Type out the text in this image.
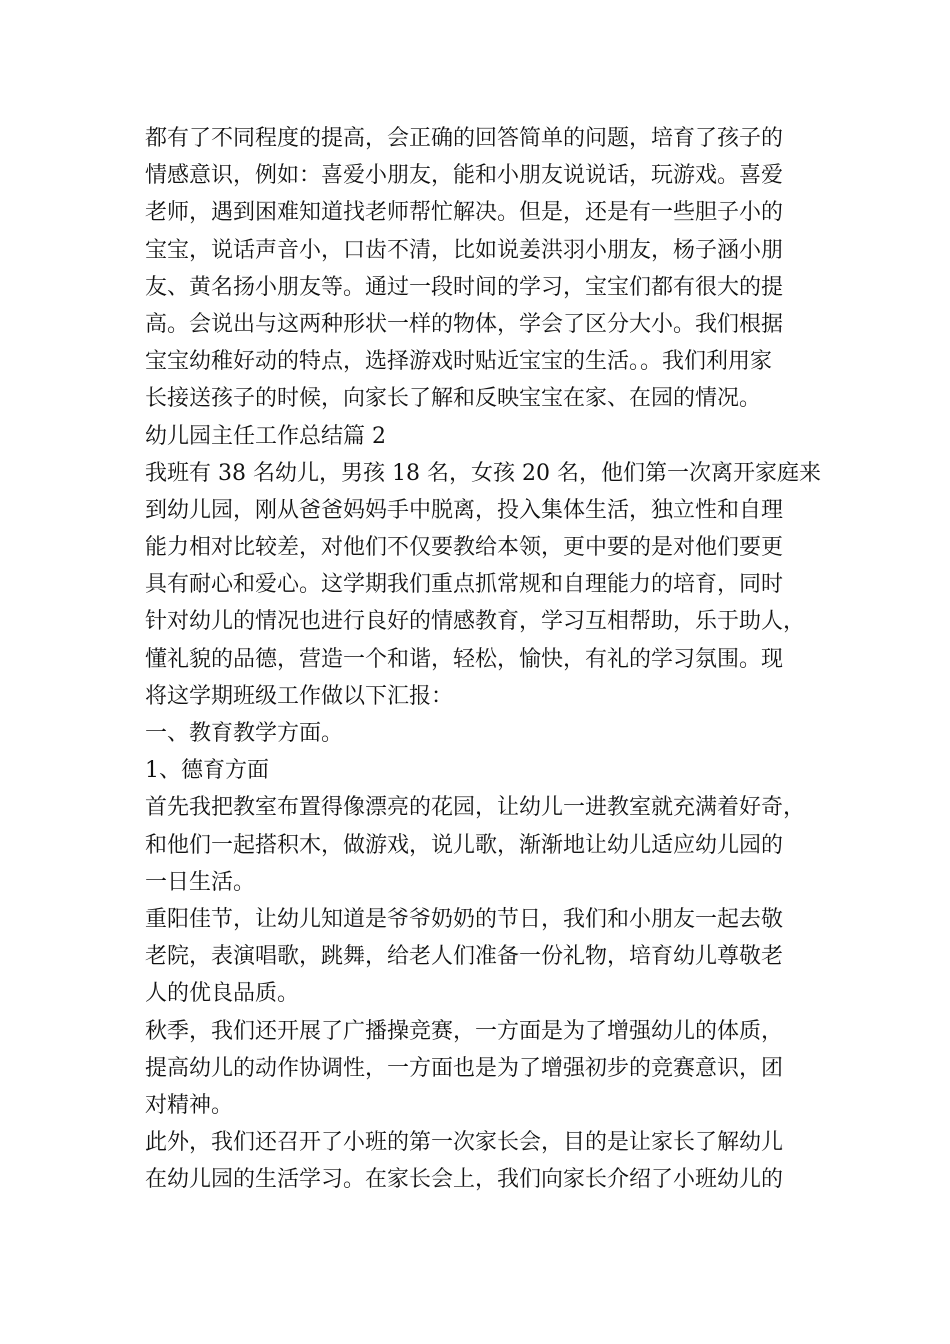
都有了不同程度的提高，会正确的回答简单的问题，培育了孩子的
情感意识，例如：喜爱小朋友，能和小朋友说说话，玩游戏。喜爱
老师，遇到困难知道找老师帮忙解决。但是，还是有一些胆子小的
宝宝，说话声音小，口齿不清，比如说姜洪羽小朋友，杨子涵小朋
友、黄名扬小朋友等。通过一段时间的学习，宝宝们都有很大的提
高。会说出与这两种形状一样的物体，学会了区分大小。我们根据
宝宝幼稚好动的特点，选择游戏时贴近宝宝的生活。。我们利用家
长接送孩子的时候，向家长了解和反映宝宝在家、在园的情况。
幼儿园主任工作总结篇 2
我班有 38 名幼儿，男孩 18 名，女孩 20 名，他们第一次离开家庭来
到幼儿园，刚从爸爸妈妈手中脱离，投入集体生活，独立性和自理
能力相对比较差，对他们不仅要教给本领，更中要的是对他们要更
具有耐心和爱心。这学期我们重点抓常规和自理能力的培育，同时
针对幼儿的情况也进行良好的情感教育，学习互相帮助，乐于助人，
懂礼貌的品德，营造一个和谐，轻松，愉快，有礼的学习氛围。现
将这学期班级工作做以下汇报：
一、教育教学方面。
1、德育方面
首先我把教室布置得像漂亮的花园，让幼儿一进教室就充满着好奇，
和他们一起搭积木，做游戏，说儿歌，渐渐地让幼儿适应幼儿园的
一日生活。
重阳佳节，让幼儿知道是爷爷奶奶的节日，我们和小朋友一起去敬
老院，表演唱歌，跳舞，给老人们准备一份礼物，培育幼儿尊敬老
人的优良品质。
秋季，我们还开展了广播操竞赛，一方面是为了增强幼儿的体质，
提高幼儿的动作协调性，一方面也是为了增强初步的竞赛意识，团
对精神。
此外，我们还召开了小班的第一次家长会，目的是让家长了解幼儿
在幼儿园的生活学习。在家长会上，我们向家长介绍了小班幼儿的
